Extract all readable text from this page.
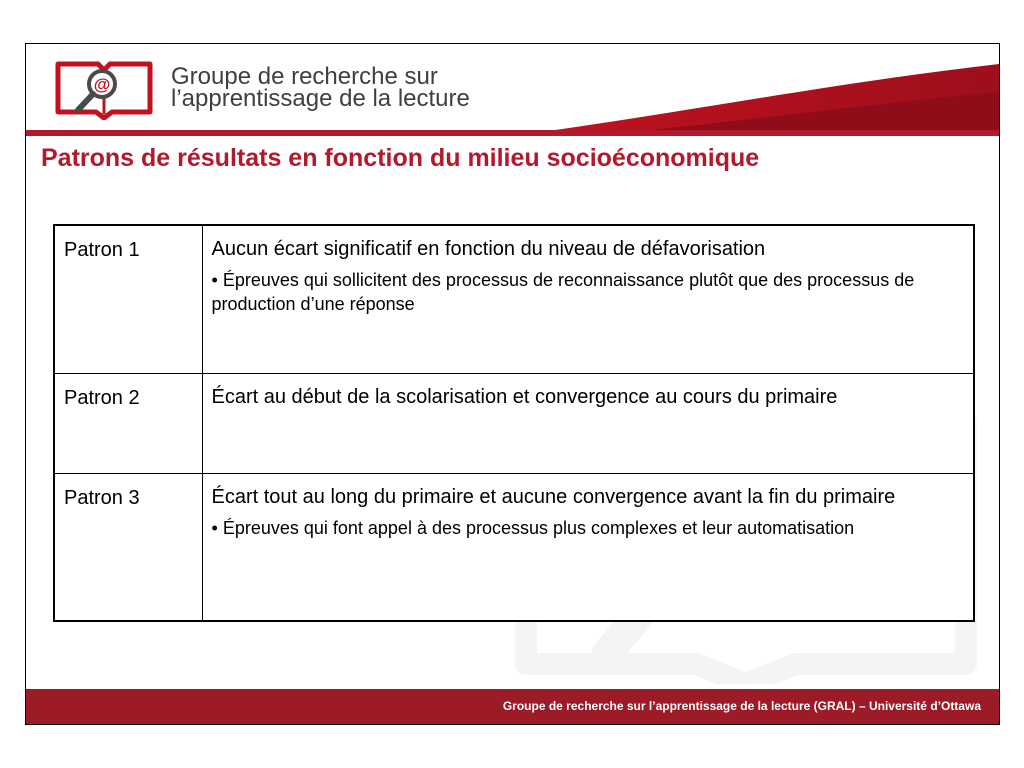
@	Groupe de recherche sur
l’apprentissage de la lecture
Patrons de résultats en fonction du milieu socioéconomique
Patron 1	Aucun écart significatif en fonction du niveau de défavorisation
• Épreuves qui sollicitent des processus de reconnaissance plutôt que des processus de production d’une réponse

Patron 2	Écart au début de la scolarisation et convergence au cours du primaire

Patron 3	Écart tout au long du primaire et aucune convergence avant la fin du primaire
• Épreuves qui font appel à des processus plus complexes et leur automatisation
Groupe de recherche sur l’apprentissage de la lecture (GRAL) – Université d’Ottawa
